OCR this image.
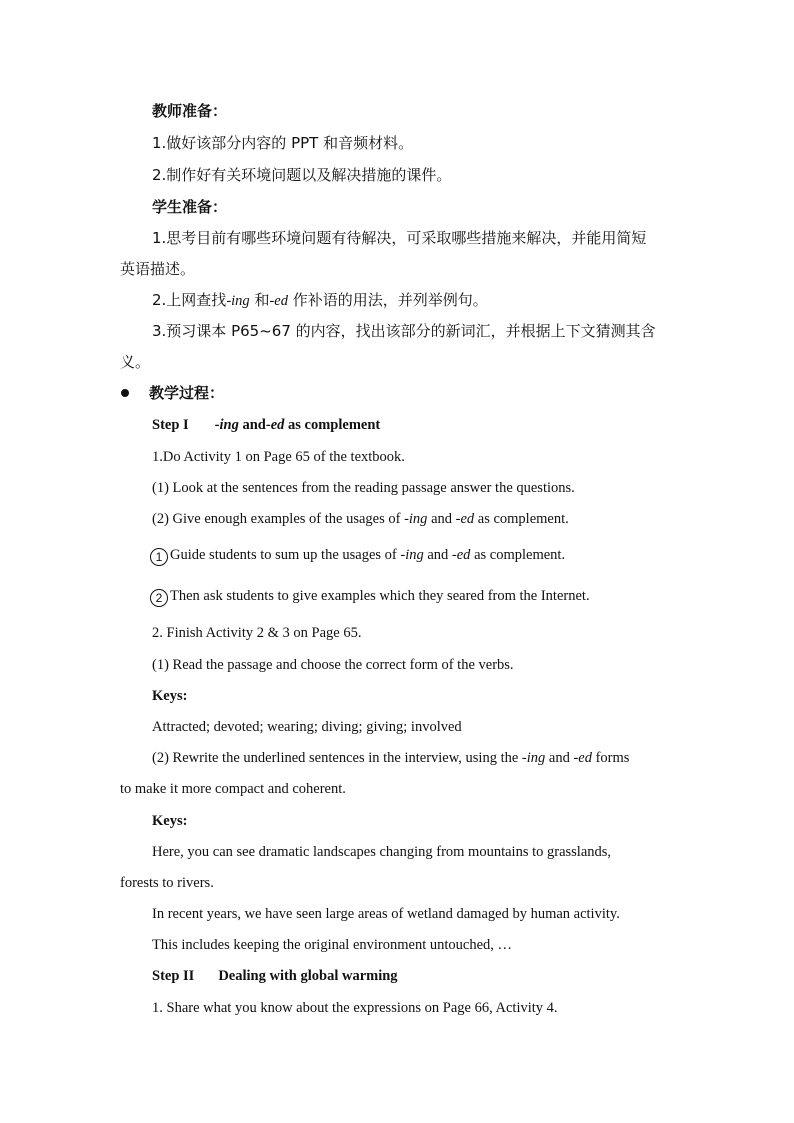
教师准备：
1.做好该部分内容的 PPT 和音频材料。
2.制作好有关环境问题以及解决措施的课件。
学生准备：
1.思考目前有哪些环境问题有待解决，可采取哪些措施来解决，并能用简短
英语描述。
2.上网查找-ing 和-ed 作补语的用法，并列举例句。
3.预习课本 P65~67 的内容，找出该部分的新词汇，并根据上下文猜测其含
义。
教学过程：
Step I -ing and-ed as complement
1.Do Activity 1 on Page 65 of the textbook.
(1) Look at the sentences from the reading passage answer the questions.
(2) Give enough examples of the usages of -ing and -ed as complement.
1 Guide students to sum up the usages of -ing and -ed as complement.
2 Then ask students to give examples which they seared from the Internet.
2. Finish Activity 2 & 3 on Page 65.
(1) Read the passage and choose the correct form of the verbs.
Keys:
Attracted; devoted; wearing; diving; giving; involved
(2) Rewrite the underlined sentences in the interview, using the -ing and -ed forms
to make it more compact and coherent.
Keys:
Here, you can see dramatic landscapes changing from mountains to grasslands,
forests to rivers.
In recent years, we have seen large areas of wetland damaged by human activity.
This includes keeping the original environment untouched, …
Step II Dealing with global warming
1. Share what you know about the expressions on Page 66, Activity 4.
